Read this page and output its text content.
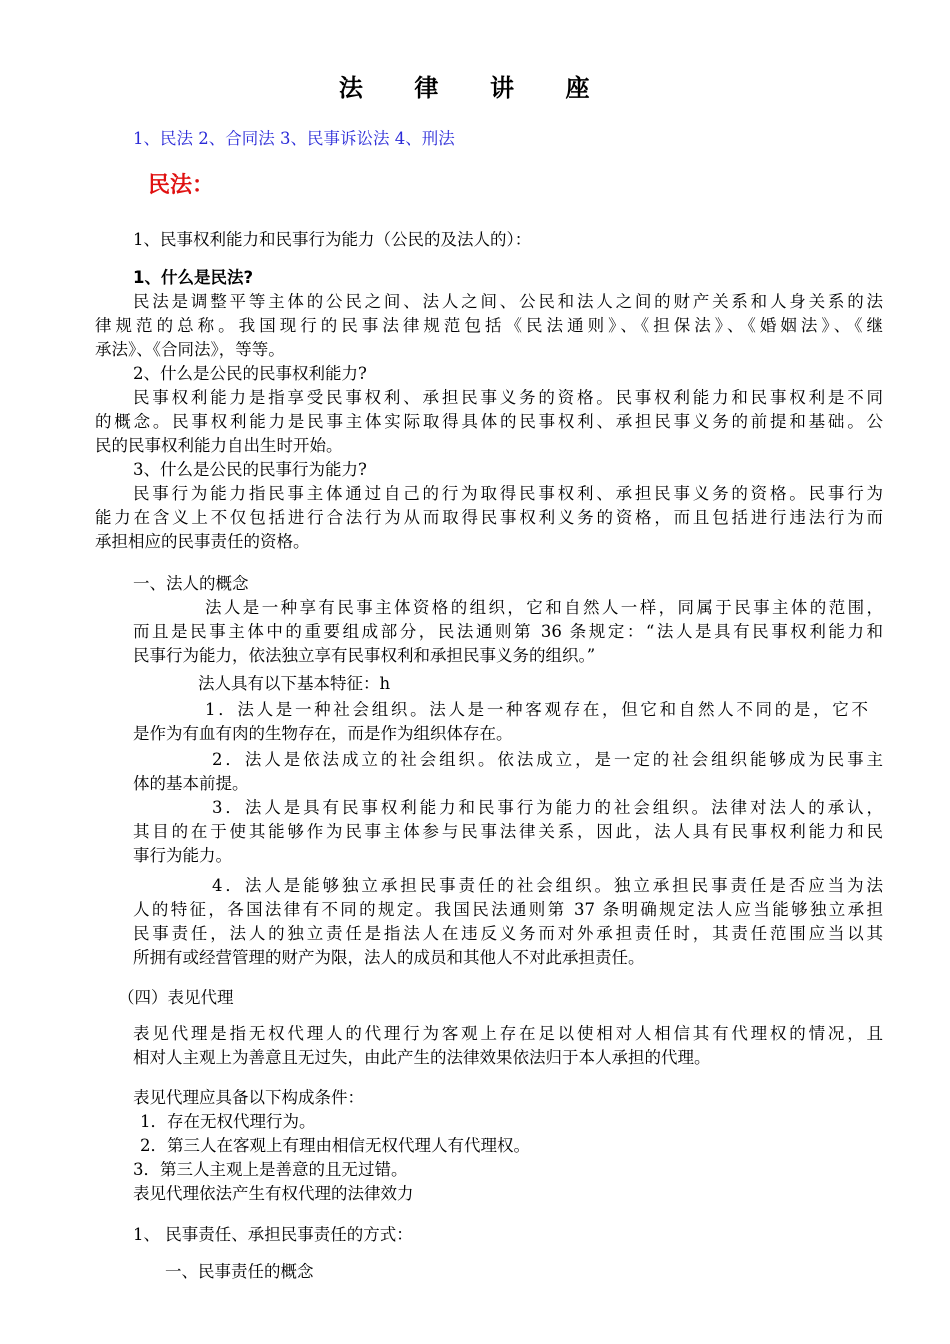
法 律 讲 座
1、民法 2、合同法 3、民事诉讼法 4、刑法
民法：
1、民事权利能力和民事行为能力（公民的及法人的）：
1、什么是民法?
民法是调整平等主体的公民之间、法人之间、公民和法人之间的财产关系和人身关系的法
律规范的总称。我国现行的民事法律规范包括《民法通则》、《担保法》、《婚姻法》、《继
承法》、《合同法》，等等。
2、什么是公民的民事权利能力?
民事权利能力是指享受民事权利、承担民事义务的资格。民事权利能力和民事权利是不同
的概念。民事权利能力是民事主体实际取得具体的民事权利、承担民事义务的前提和基础。公
民的民事权利能力自出生时开始。
3、什么是公民的民事行为能力?
民事行为能力指民事主体通过自己的行为取得民事权利、承担民事义务的资格。民事行为
能力在含义上不仅包括进行合法行为从而取得民事权利义务的资格，而且包括进行违法行为而
承担相应的民事责任的资格。
一、法人的概念
法人是一种享有民事主体资格的组织，它和自然人一样，同属于民事主体的范围，
而且是民事主体中的重要组成部分，民法通则第 36 条规定：“法人是具有民事权利能力和
民事行为能力，依法独立享有民事权利和承担民事义务的组织。”
法人具有以下基本特征：h
1．法人是一种社会组织。法人是一种客观存在，但它和自然人不同的是，它不
是作为有血有肉的生物存在，而是作为组织体存在。
2．法人是依法成立的社会组织。依法成立，是一定的社会组织能够成为民事主
体的基本前提。
3．法人是具有民事权利能力和民事行为能力的社会组织。法律对法人的承认，
其目的在于使其能够作为民事主体参与民事法律关系，因此，法人具有民事权利能力和民
事行为能力。
4．法人是能够独立承担民事责任的社会组织。独立承担民事责任是否应当为法
人的特征，各国法律有不同的规定。我国民法通则第 37 条明确规定法人应当能够独立承担
民事责任，法人的独立责任是指法人在违反义务而对外承担责任时，其责任范围应当以其
所拥有或经营管理的财产为限，法人的成员和其他人不对此承担责任。
（四）表见代理
表见代理是指无权代理人的代理行为客观上存在足以使相对人相信其有代理权的情况，且
相对人主观上为善意且无过失，由此产生的法律效果依法归于本人承担的代理。
表见代理应具备以下构成条件：
1．存在无权代理行为。
2．第三人在客观上有理由相信无权代理人有代理权。
3．第三人主观上是善意的且无过错。
表见代理依法产生有权代理的法律效力
1、 民事责任、承担民事责任的方式：
一、民事责任的概念
